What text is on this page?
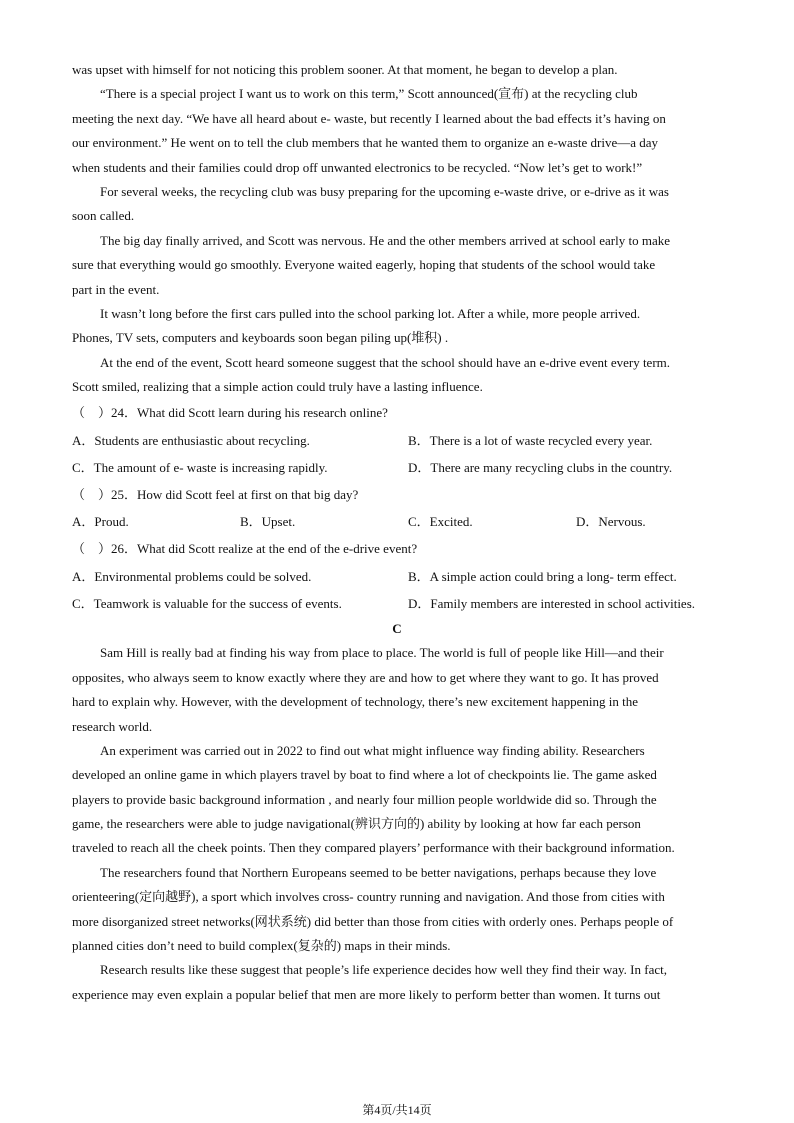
was upset with himself for not noticing this problem sooner. At that moment, he began to develop a plan.
“There is a special project I want us to work on this term,” Scott announced(宣布) at the recycling club
meeting the next day. “We have all heard about e- waste, but recently I learned about the bad effects it’s having on
our environment.” He went on to tell the club members that he wanted them to organize an e-waste drive—a day
when students and their families could drop off unwanted electronics to be recycled. “Now let’s get to work!”
For several weeks, the recycling club was busy preparing for the upcoming e-waste drive, or e-drive as it was
soon called.
The big day finally arrived, and Scott was nervous. He and the other members arrived at school early to make
sure that everything would go smoothly. Everyone waited eagerly, hoping that students of the school would take
part in the event.
It wasn’t long before the first cars pulled into the school parking lot. After a while, more people arrived.
Phones, TV sets, computers and keyboards soon began piling up(堆积) .
At the end of the event, Scott heard someone suggest that the school should have an e-drive event every term.
Scott smiled, realizing that a simple action could truly have a lasting influence.
（　）24．What did Scott learn during his research online?
A．Students are enthusiastic about recycling.	B．There is a lot of waste recycled every year.
C．The amount of e- waste is increasing rapidly.	D．There are many recycling clubs in the country.
（　）25．How did Scott feel at first on that big day?
A．Proud.	B．Upset.	C．Excited.	D．Nervous.
（　）26．What did Scott realize at the end of the e-drive event?
A．Environmental problems could be solved.	B．A simple action could bring a long- term effect.
C．Teamwork is valuable for the success of events.	D．Family members are interested in school activities.
C
Sam Hill is really bad at finding his way from place to place. The world is full of people like Hill—and their
opposites, who always seem to know exactly where they are and how to get where they want to go. It has proved
hard to explain why. However, with the development of technology, there’s new excitement happening in the
research world.
An experiment was carried out in 2022 to find out what might influence way finding ability. Researchers
developed an online game in which players travel by boat to find where a lot of checkpoints lie. The game asked
players to provide basic background information , and nearly four million people worldwide did so. Through the
game, the researchers were able to judge navigational(辨识方向的) ability by looking at how far each person
traveled to reach all the cheek points. Then they compared players’ performance with their background information.
The researchers found that Northern Europeans seemed to be better navigations, perhaps because they love
orienteering(定向越野), a sport which involves cross- country running and navigation. And those from cities with
more disorganized street networks(网状系统) did better than those from cities with orderly ones. Perhaps people of
planned cities don’t need to build complex(复杂的) maps in their minds.
Research results like these suggest that people’s life experience decides how well they find their way. In fact,
experience may even explain a popular belief that men are more likely to perform better than women. It turns out
第4页/共14页
